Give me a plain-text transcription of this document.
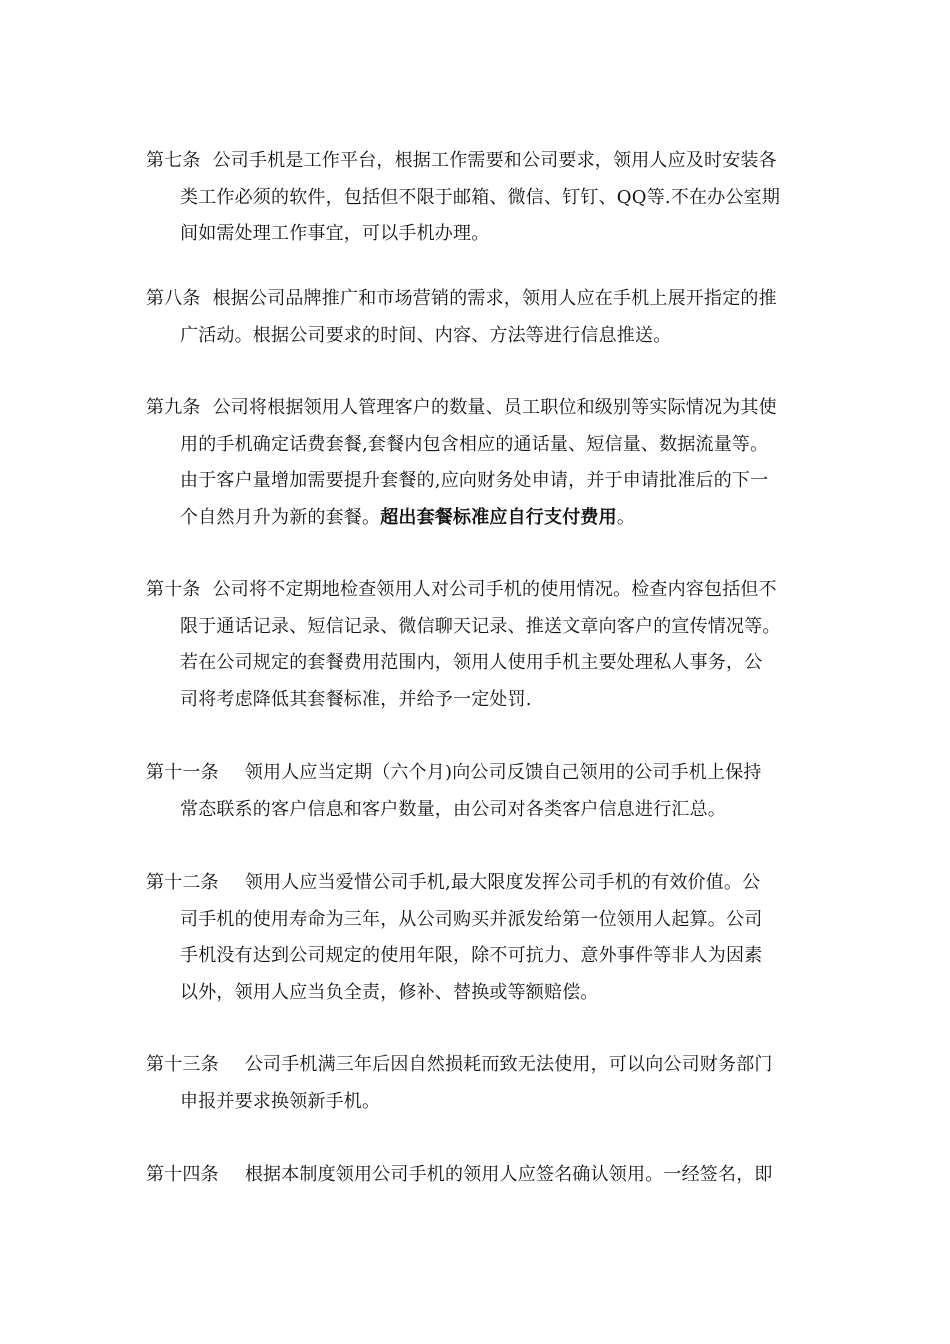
第七条 公司手机是工作平台，根据工作需要和公司要求，领用人应及时安装各
类工作必须的软件，包括但不限于邮箱、微信、钉钉、QQ等.不在办公室期
间如需处理工作事宜，可以手机办理。
第八条 根据公司品牌推广和市场营销的需求，领用人应在手机上展开指定的推
广活动。根据公司要求的时间、内容、方法等进行信息推送。
第九条 公司将根据领用人管理客户的数量、员工职位和级别等实际情况为其使
用的手机确定话费套餐,套餐内包含相应的通话量、短信量、数据流量等。
由于客户量增加需要提升套餐的,应向财务处申请，并于申请批准后的下一
个自然月升为新的套餐。超出套餐标准应自行支付费用。
第十条 公司将不定期地检查领用人对公司手机的使用情况。检查内容包括但不
限于通话记录、短信记录、微信聊天记录、推送文章向客户的宣传情况等。
若在公司规定的套餐费用范围内，领用人使用手机主要处理私人事务，公
司将考虑降低其套餐标准，并给予一定处罚.
第十一条 领用人应当定期（六个月)向公司反馈自己领用的公司手机上保持
常态联系的客户信息和客户数量，由公司对各类客户信息进行汇总。
第十二条 领用人应当爱惜公司手机,最大限度发挥公司手机的有效价值。公
司手机的使用寿命为三年，从公司购买并派发给第一位领用人起算。公司
手机没有达到公司规定的使用年限，除不可抗力、意外事件等非人为因素
以外，领用人应当负全责，修补、替换或等额赔偿。
第十三条 公司手机满三年后因自然损耗而致无法使用，可以向公司财务部门
申报并要求换领新手机。
第十四条 根据本制度领用公司手机的领用人应签名确认领用。一经签名，即
